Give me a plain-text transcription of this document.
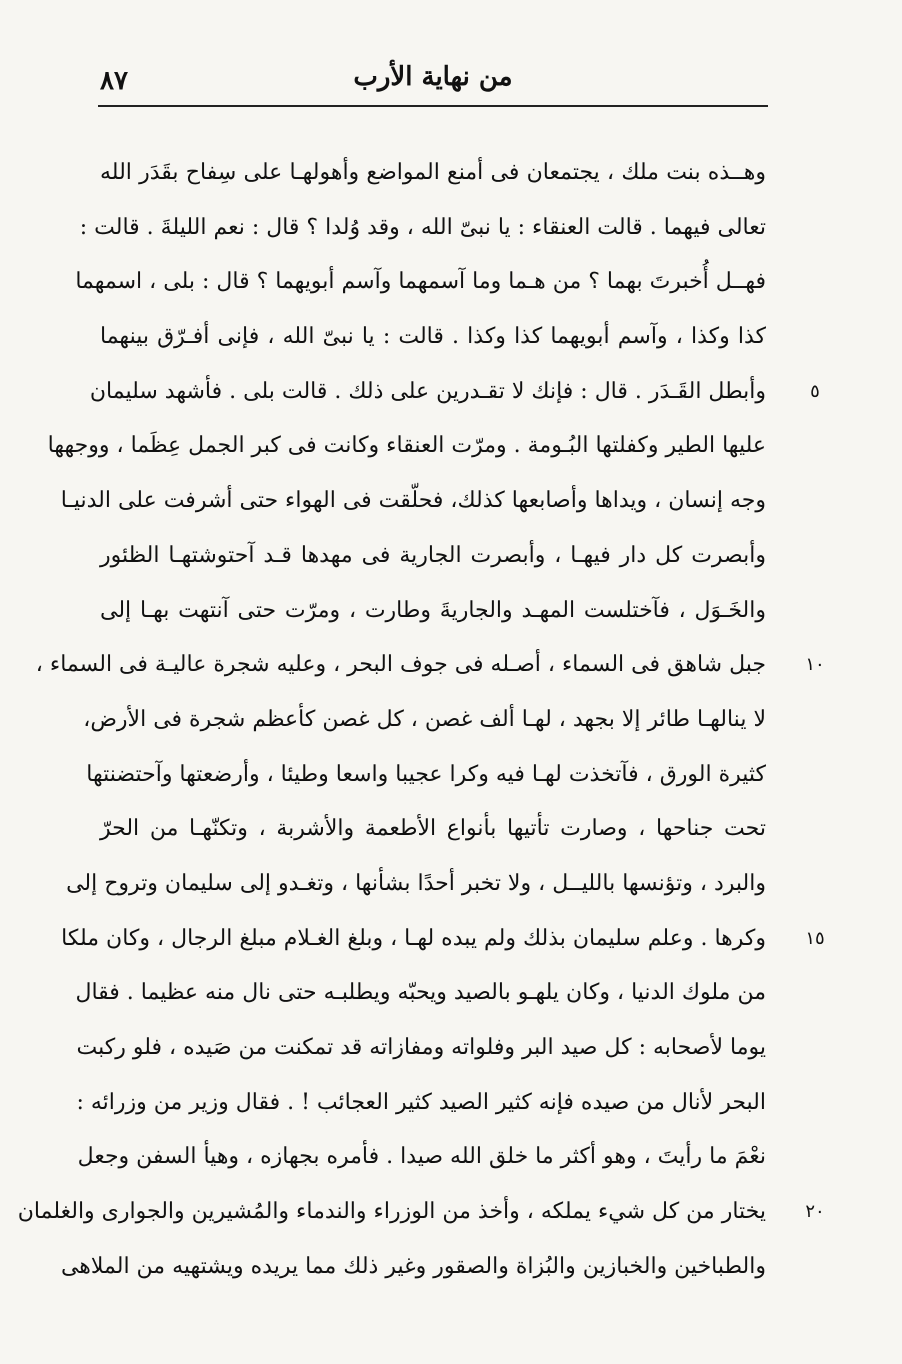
٨٧	من نهاية الأرب
وهــذه بنت ملك ، يجتمعان فى أمنع المواضع وأهولهـا على سِفاح بقَدَر الله
تعالى فيهما . قالت العنقاء : يا نبىّ الله ، وقد وُلدا ؟ قال : نعم الليلةَ . قالت :
فهــل أُخبرتَ بهما ؟ من هـما وما آسمهما وآسم أبويهما ؟ قال : بلى ، اسمهما
كذا وكذا ، وآسم أبويهما كذا وكذا . قالت : يا نبىّ الله ، فإنى أفـرّق بينهما
وأبطل القَـدَر . قال : فإنك لا تقـدرين على ذلك . قالت بلى . فأشهد سليمان
عليها الطير وكفلتها البُـومة . ومرّت العنقاء وكانت فى كبر الجمل عِظَما ، ووجهها
وجه إنسان ، ويداها وأصابعها كذلك، فحلّقت فى الهواء حتى أشرفت على الدنيـا
وأبصرت كل دار فيهـا ، وأبصرت الجارية فى مهدها قـد آحتوشتهـا الظئور
والخَـوَل ، فآختلست المهـد والجاريةَ وطارت ، ومرّت حتى آنتهت بهـا إلى
جبل شاهق فى السماء ، أصـله فى جوف البحر ، وعليه شجرة عاليـة فى السماء ،
لا ينالهـا طائر إلا بجهد ، لهـا ألف غصن ، كل غصن كأعظم شجرة فى الأرض،
كثيرة الورق ، فآتخذت لهـا فيه وكرا عجيبا واسعا وطيئا ، وأرضعتها وآحتضنتها
تحت جناحها ، وصارت تأتيها بأنواع الأطعمة والأشربة ، وتكنّهـا من الحرّ
والبرد ، وتؤنسها بالليــل ، ولا تخبر أحدًا بشأنها ، وتغـدو إلى سليمان وتروح إلى
وكرها . وعلم سليمان بذلك ولم يبده لهـا ، وبلغ الغـلام مبلغ الرجال ، وكان ملكا
من ملوك الدنيا ، وكان يلهـو بالصيد ويحبّه ويطلبـه حتى نال منه عظيما . فقال
يوما لأصحابه : كل صيد البر وفلواته ومفازاته قد تمكنت من صَيده ، فلو ركبت
البحر لأنال من صيده فإنه كثير الصيد كثير العجائب ! . فقال وزير من وزرائه :
نعْمَ ما رأيتَ ، وهو أكثر ما خلق الله صيدا . فأمره بجهازه ، وهيأ السفن وجعل
يختار من كل شيء يملكه ، وأخذ من الوزراء والندماء والمُشيرين والجوارى والغلمان
والطباخين والخبازين والبُزاة والصقور وغير ذلك مما يريده ويشتهيه من الملاهى
٥
١٠
١٥
٢٠
